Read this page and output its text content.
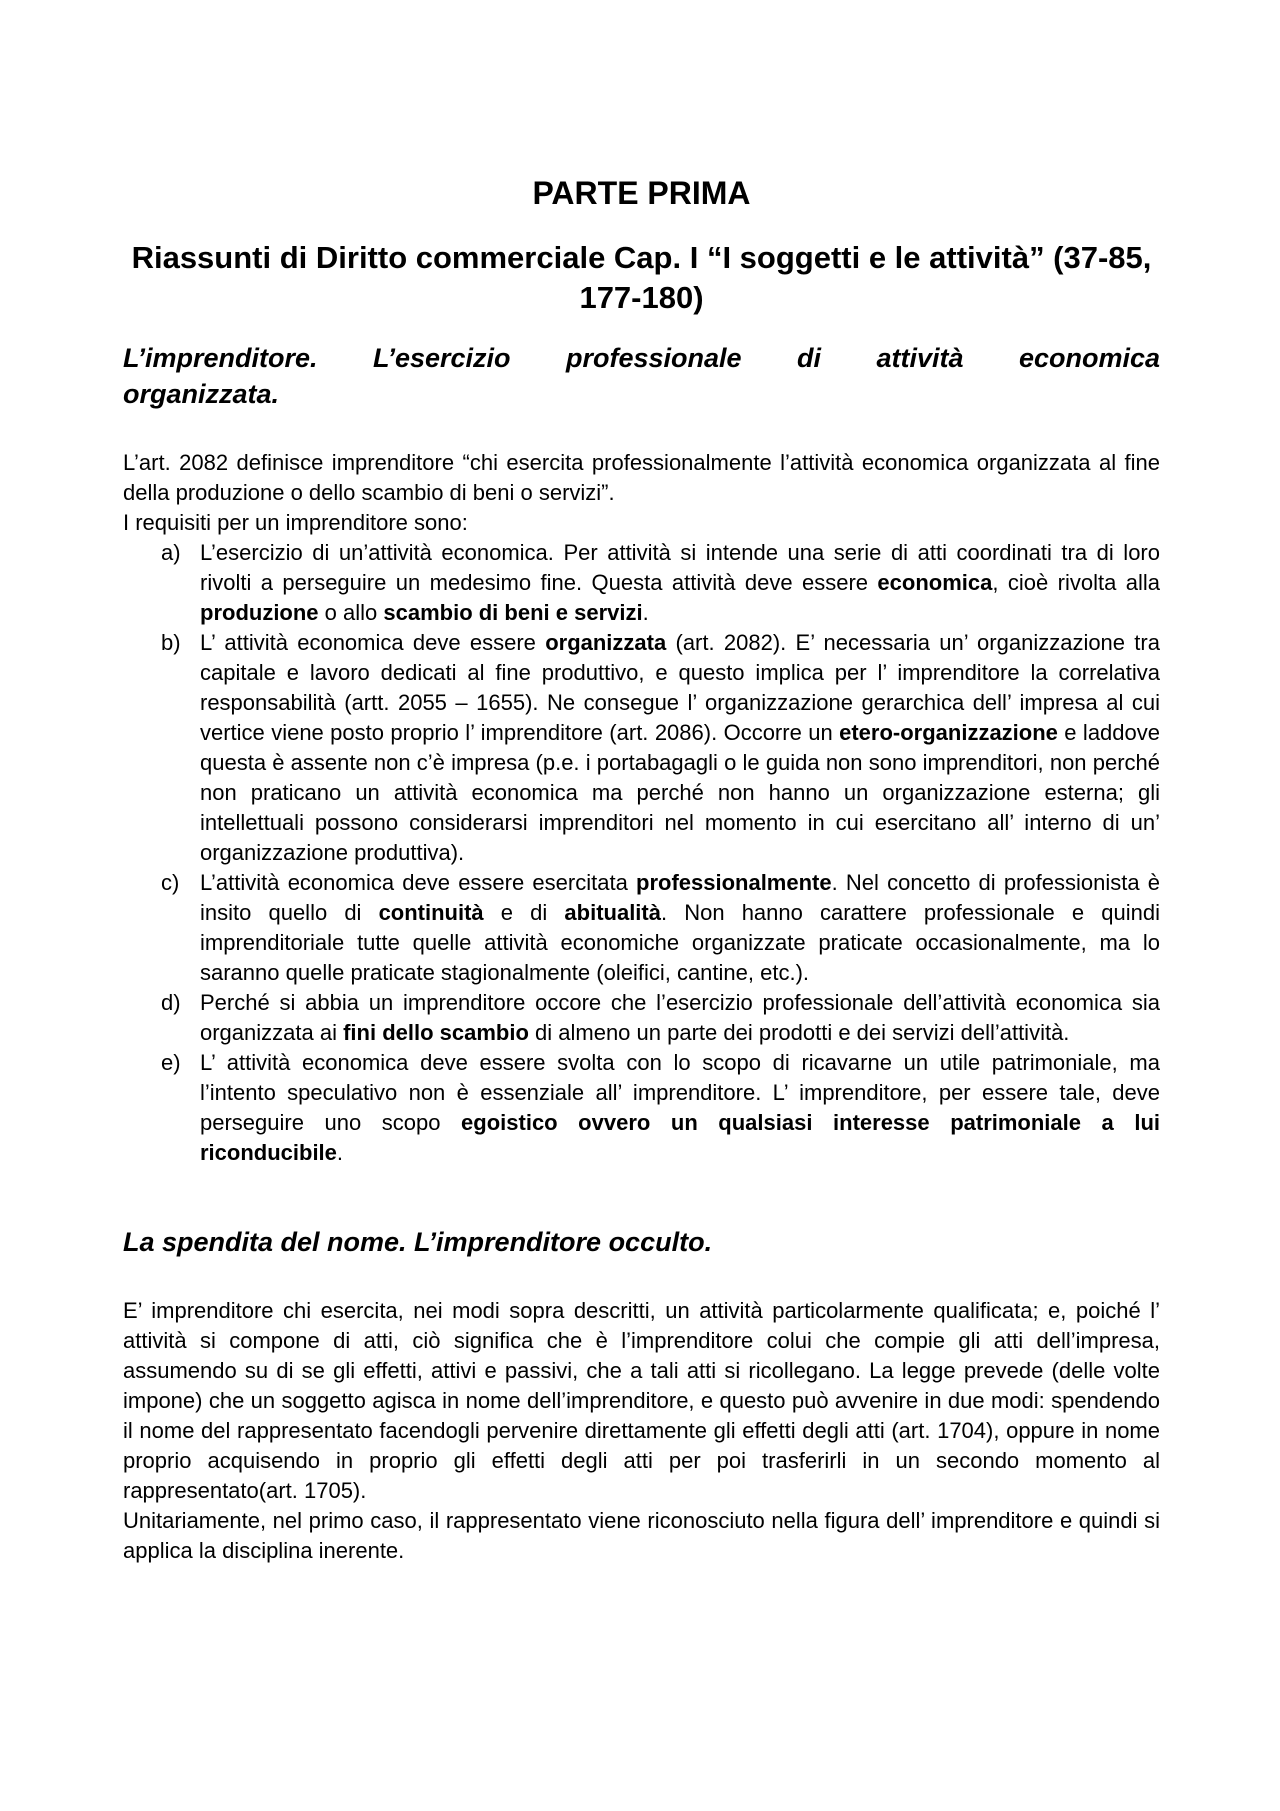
PARTE PRIMA
Riassunti di Diritto commerciale Cap. I “I soggetti e le attività” (37-85, 177-180)
L’imprenditore. L’esercizio professionale di attività economica
organizzata.

L’art. 2082 definisce imprenditore “chi esercita professionalmente l’attività economica organizzata al fine della produzione o dello scambio di beni o servizi”.

I requisiti per un imprenditore sono:

a) L’esercizio di un’attività economica. Per attività si intende una serie di atti coordinati tra di loro rivolti a perseguire un medesimo fine. Questa attività deve essere economica, cioè rivolta alla produzione o allo scambio di beni e servizi.
b) L’ attività economica deve essere organizzata (art. 2082). E’ necessaria un’ organizzazione tra capitale e lavoro dedicati al fine produttivo, e questo implica per l’ imprenditore la correlativa responsabilità (artt. 2055 – 1655). Ne consegue l’ organizzazione gerarchica dell’ impresa al cui vertice viene posto proprio l’ imprenditore (art. 2086). Occorre un etero-organizzazione e laddove questa è assente non c’è impresa (p.e. i portabagagli o le guida non sono imprenditori, non perché non praticano un attività economica ma perché non hanno un organizzazione esterna; gli intellettuali possono considerarsi imprenditori nel momento in cui esercitano all’ interno di un’ organizzazione produttiva).
c) L’attività economica deve essere esercitata professionalmente. Nel concetto di professionista è insito quello di continuità e di abitualità. Non hanno carattere professionale e quindi imprenditoriale tutte quelle attività economiche organizzate praticate occasionalmente, ma lo saranno quelle praticate stagionalmente (oleifici, cantine, etc.).
d) Perché si abbia un imprenditore occore che l’esercizio professionale dell’attività economica sia organizzata ai fini dello scambio di almeno un parte dei prodotti e dei servizi dell’attività.
e) L’ attività economica deve essere svolta con lo scopo di ricavarne un utile patrimoniale, ma l’intento speculativo non è essenziale all’ imprenditore. L’ imprenditore, per essere tale, deve perseguire uno scopo egoistico ovvero un qualsiasi interesse patrimoniale a lui riconducibile.
La spendita del nome. L’imprenditore occulto.

E’ imprenditore chi esercita, nei modi sopra descritti, un attività particolarmente qualificata; e, poiché l’ attività si compone di atti, ciò significa che è l’imprenditore colui che compie gli atti dell’impresa, assumendo su di se gli effetti, attivi e passivi, che a tali atti si ricollegano. La legge prevede (delle volte impone) che un soggetto agisca in nome dell’imprenditore, e questo può avvenire in due modi: spendendo il nome del rappresentato facendogli pervenire direttamente gli effetti degli atti (art. 1704), oppure in nome proprio acquisendo in proprio gli effetti degli atti per poi trasferirli in un secondo momento al rappresentato(art. 1705).

Unitariamente, nel primo caso, il rappresentato viene riconosciuto nella figura dell’ imprenditore e quindi si applica la disciplina inerente.
